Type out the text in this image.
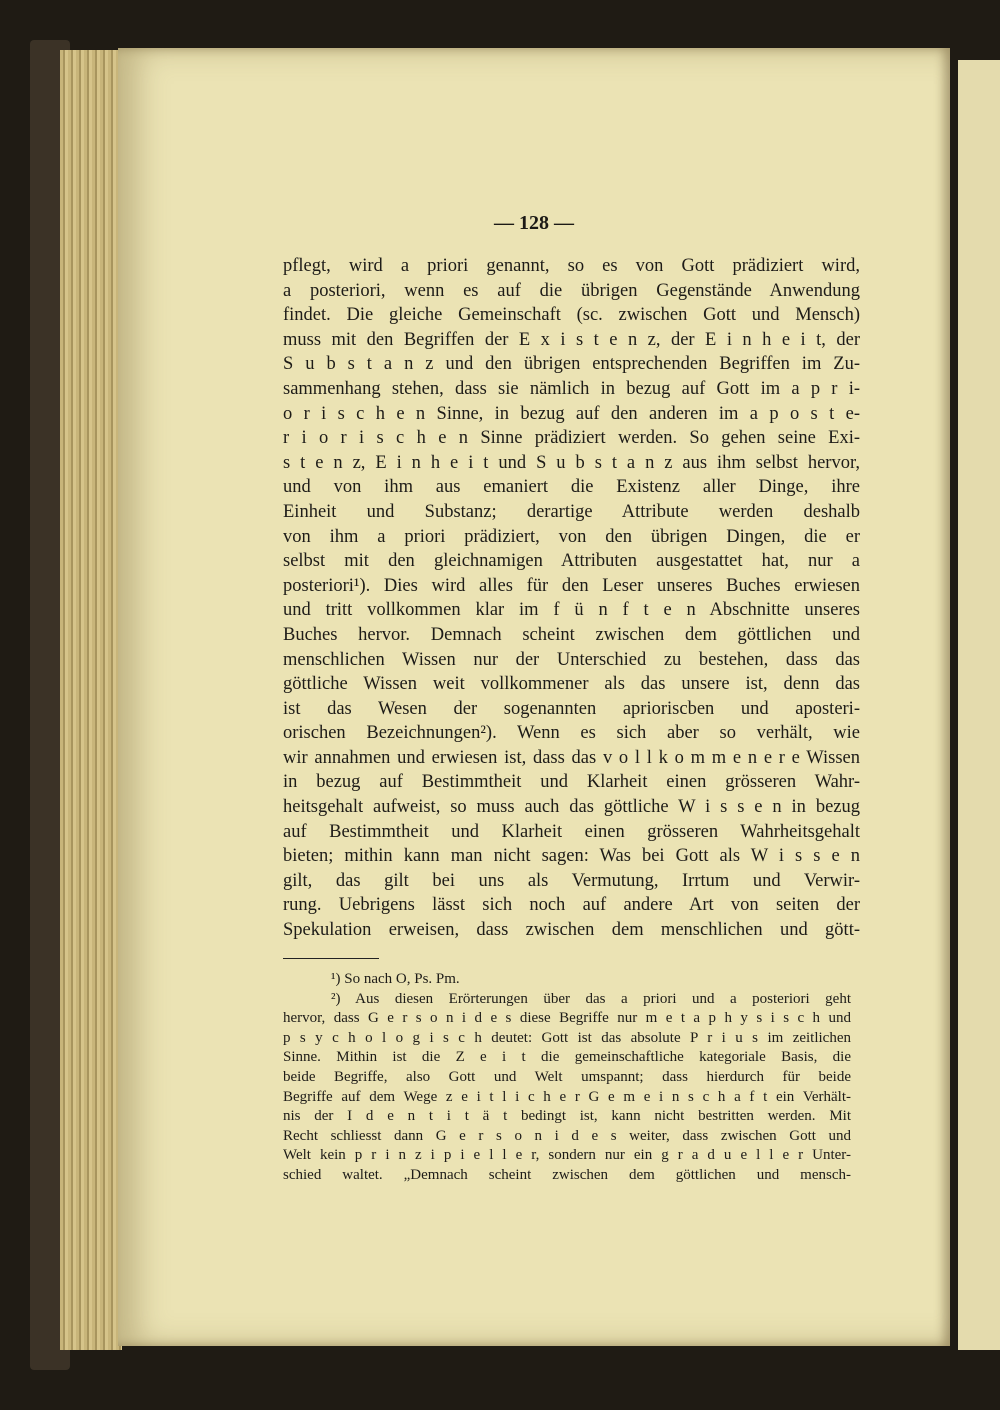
— 128 —
pflegt, wird a priori genannt, so es von Gott prädiziert wird,
a posteriori, wenn es auf die übrigen Gegenstände Anwendung
findet. Die gleiche Gemeinschaft (sc. zwischen Gott und Mensch)
muss mit den Begriffen der E x i s t e n z, der E i n h e i t, der
S u b s t a n z und den übrigen entsprechenden Begriffen im Zu-
sammenhang stehen, dass sie nämlich in bezug auf Gott im a p r i-
o r i s c h e n Sinne, in bezug auf den anderen im a p o s t e-
r i o r i s c h e n Sinne prädiziert werden. So gehen seine Exi-
s t e n z, E i n h e i t und S u b s t a n z aus ihm selbst hervor,
und von ihm aus emaniert die Existenz aller Dinge, ihre
Einheit und Substanz; derartige Attribute werden deshalb
von ihm a priori prädiziert, von den übrigen Dingen, die er
selbst mit den gleichnamigen Attributen ausgestattet hat, nur a
posteriori¹). Dies wird alles für den Leser unseres Buches erwiesen
und tritt vollkommen klar im f ü n f t e n Abschnitte unseres
Buches hervor. Demnach scheint zwischen dem göttlichen und
menschlichen Wissen nur der Unterschied zu bestehen, dass das
göttliche Wissen weit vollkommener als das unsere ist, denn das
ist das Wesen der sogenannten aprioriscben und aposteri-
orischen Bezeichnungen²). Wenn es sich aber so verhält, wie
wir annahmen und erwiesen ist, dass das v o l l k o m m e n e r e Wissen
in bezug auf Bestimmtheit und Klarheit einen grösseren Wahr-
heitsgehalt aufweist, so muss auch das göttliche W i s s e n in bezug
auf Bestimmtheit und Klarheit einen grösseren Wahrheitsgehalt
bieten; mithin kann man nicht sagen: Was bei Gott als W i s s e n
gilt, das gilt bei uns als Vermutung, Irrtum und Verwir-
rung. Uebrigens lässt sich noch auf andere Art von seiten der
Spekulation erweisen, dass zwischen dem menschlichen und gött-
¹) So nach O, Ps. Pm.
²) Aus diesen Erörterungen über das a priori und a posteriori geht
hervor, dass G e r s o n i d e s diese Begriffe nur m e t a p h y s i s c h und
p s y c h o l o g i s c h deutet: Gott ist das absolute P r i u s im zeitlichen
Sinne. Mithin ist die Z e i t die gemeinschaftliche kategoriale Basis, die
beide Begriffe, also Gott und Welt umspannt; dass hierdurch für beide
Begriffe auf dem Wege z e i t l i c h e r G e m e i n s c h a f t ein Verhält-
nis der I d e n t i t ä t bedingt ist, kann nicht bestritten werden. Mit
Recht schliesst dann G e r s o n i d e s weiter, dass zwischen Gott und
Welt kein p r i n z i p i e l l e r, sondern nur ein g r a d u e l l e r Unter-
schied waltet. „Demnach scheint zwischen dem göttlichen und mensch-
